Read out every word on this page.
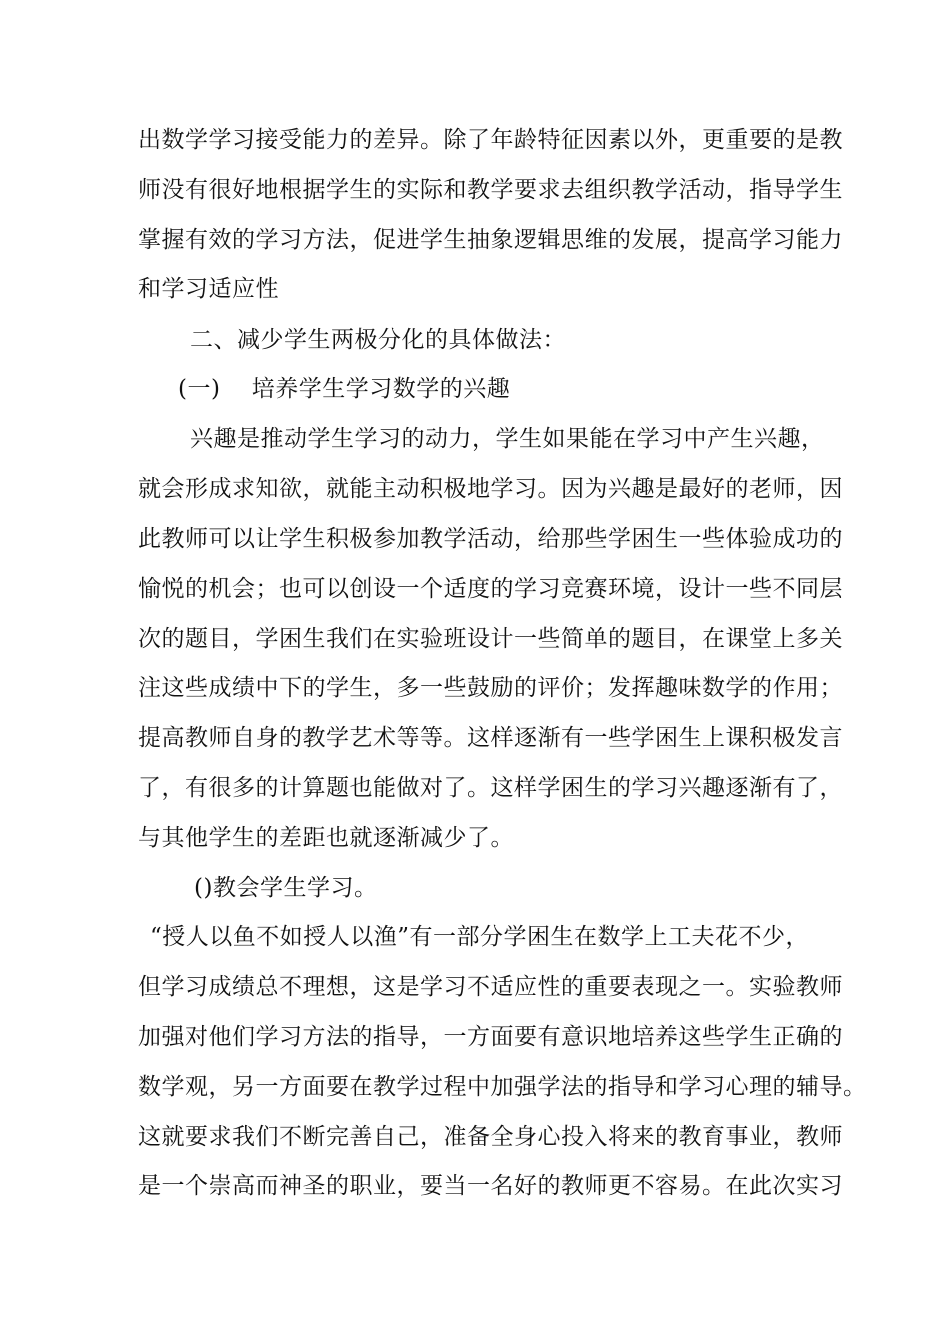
出数学学习接受能力的差异。除了年龄特征因素以外，更重要的是教
师没有很好地根据学生的实际和教学要求去组织教学活动，指导学生
掌握有效的学习方法，促进学生抽象逻辑思维的发展，提高学习能力
和学习适应性
二、减少学生两极分化的具体做法：
(一)　 培养学生学习数学的兴趣
兴趣是推动学生学习的动力，学生如果能在学习中产生兴趣，
就会形成求知欲，就能主动积极地学习。因为兴趣是最好的老师，因
此教师可以让学生积极参加教学活动，给那些学困生一些体验成功的
愉悦的机会；也可以创设一个适度的学习竞赛环境，设计一些不同层
次的题目，学困生我们在实验班设计一些简单的题目，在课堂上多关
注这些成绩中下的学生，多一些鼓励的评价；发挥趣味数学的作用；
提高教师自身的教学艺术等等。这样逐渐有一些学困生上课积极发言
了，有很多的计算题也能做对了。这样学困生的学习兴趣逐渐有了，
与其他学生的差距也就逐渐减少了。
()教会学生学习。
“授人以鱼不如授人以渔”有一部分学困生在数学上工夫花不少，
但学习成绩总不理想，这是学习不适应性的重要表现之一。实验教师
加强对他们学习方法的指导，一方面要有意识地培养这些学生正确的
数学观，另一方面要在教学过程中加强学法的指导和学习心理的辅导。
这就要求我们不断完善自己，准备全身心投入将来的教育事业，教师
是一个崇高而神圣的职业，要当一名好的教师更不容易。在此次实习
